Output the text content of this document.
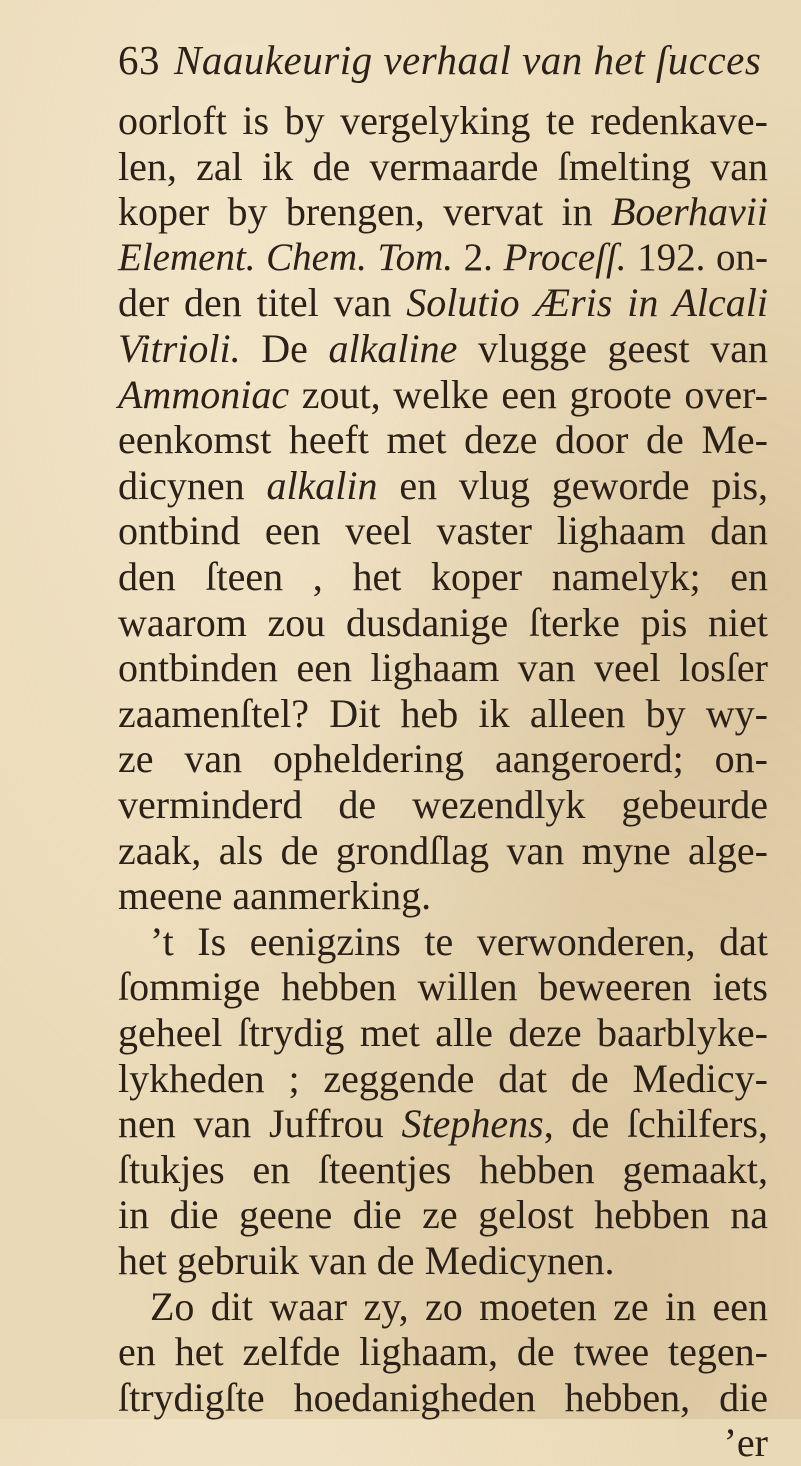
63 Naaukeurig verhaal van het ſucces
oorloft is by vergelyking te redenkave-
len, zal ik de vermaarde ſmelting van
koper by brengen, vervat in Boerhavii
Element. Chem. Tom. 2. Proceſſ. 192. on-
der den titel van Solutio Æris in Alcali
Vitrioli. De alkaline vlugge geest van
Ammoniac zout, welke een groote over-
eenkomst heeft met deze door de Me-
dicynen alkalin en vlug geworde pis,
ontbind een veel vaster lighaam dan
den ſteen , het koper namelyk; en
waarom zou dusdanige ſterke pis niet
ontbinden een lighaam van veel losſer
zaamenſtel? Dit heb ik alleen by wy-
ze van opheldering aangeroerd; on-
verminderd de wezendlyk gebeurde
zaak, als de grondſlag van myne alge-
meene aanmerking.
’t Is eenigzins te verwonderen, dat
ſommige hebben willen beweeren iets
geheel ſtrydig met alle deze baarblyke-
lykheden ; zeggende dat de Medicy-
nen van Juffrou Stephens, de ſchilfers,
ſtukjes en ſteentjes hebben gemaakt,
in die geene die ze gelost hebben na
het gebruik van de Medicynen.
Zo dit waar zy, zo moeten ze in een
en het zelfde lighaam, de twee tegen-
ſtrydigſte hoedanigheden hebben, die
’er
